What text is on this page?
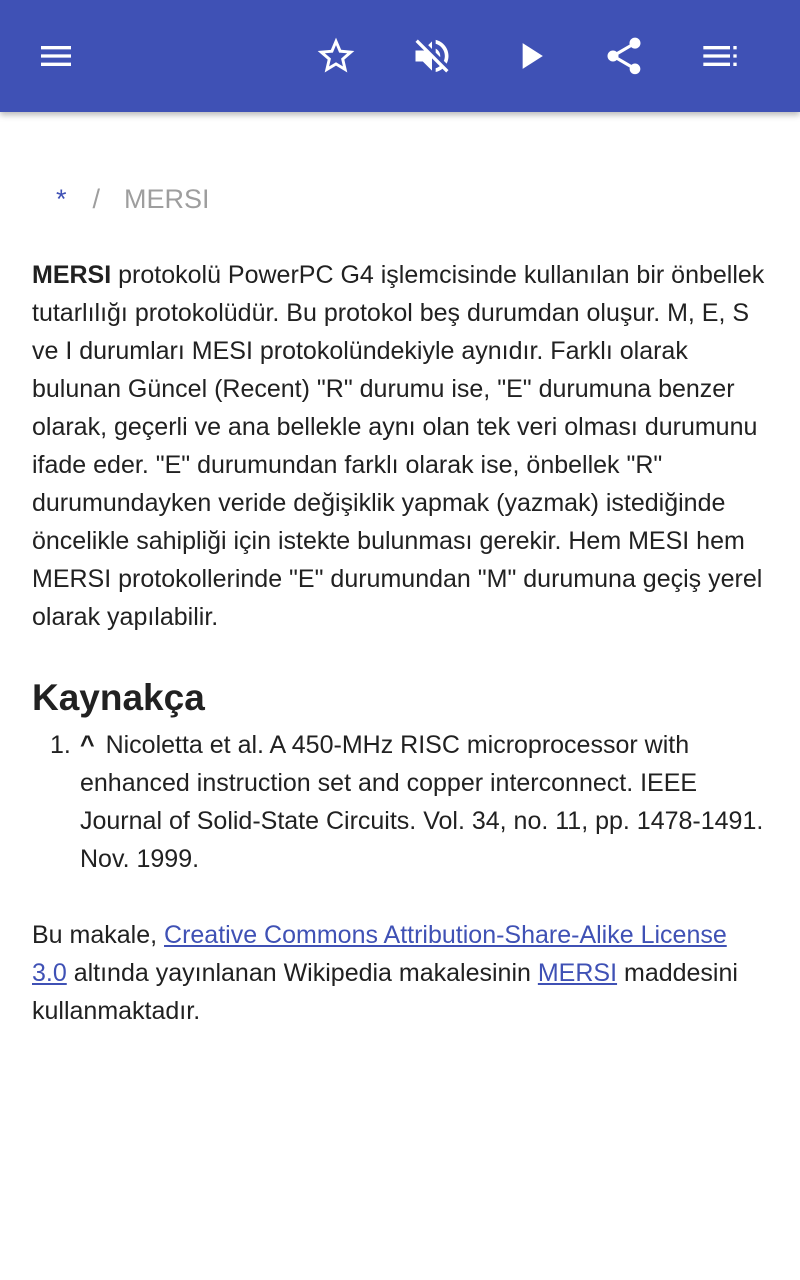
* / MERSI

MERSI protokolü PowerPC G4 işlemcisinde kullanılan bir önbellek tutarlılığı protokolüdür. Bu protokol beş durumdan oluşur. M, E, S ve I durumları MESI protokolündekiyle aynıdır. Farklı olarak bulunan Güncel (Recent) "R" durumu ise, "E" durumuna benzer olarak, geçerli ve ana bellekle aynı olan tek veri olması durumunu ifade eder. "E" durumundan farklı olarak ise, önbellek "R" durumundayken veride değişiklik yapmak (yazmak) istediğinde öncelikle sahipliği için istekte bulunması gerekir. Hem MESI hem MERSI protokollerinde "E" durumundan "M" durumuna geçiş yerel olarak yapılabilir.

Kaynakça
1. ^ Nicoletta et al. A 450-MHz RISC microprocessor with enhanced instruction set and copper interconnect. IEEE Journal of Solid-State Circuits. Vol. 34, no. 11, pp. 1478-1491. Nov. 1999.

Bu makale, Creative Commons Attribution-Share-Alike License 3.0 altında yayınlanan Wikipedia makalesinin MERSI maddesini kullanmaktadır.
